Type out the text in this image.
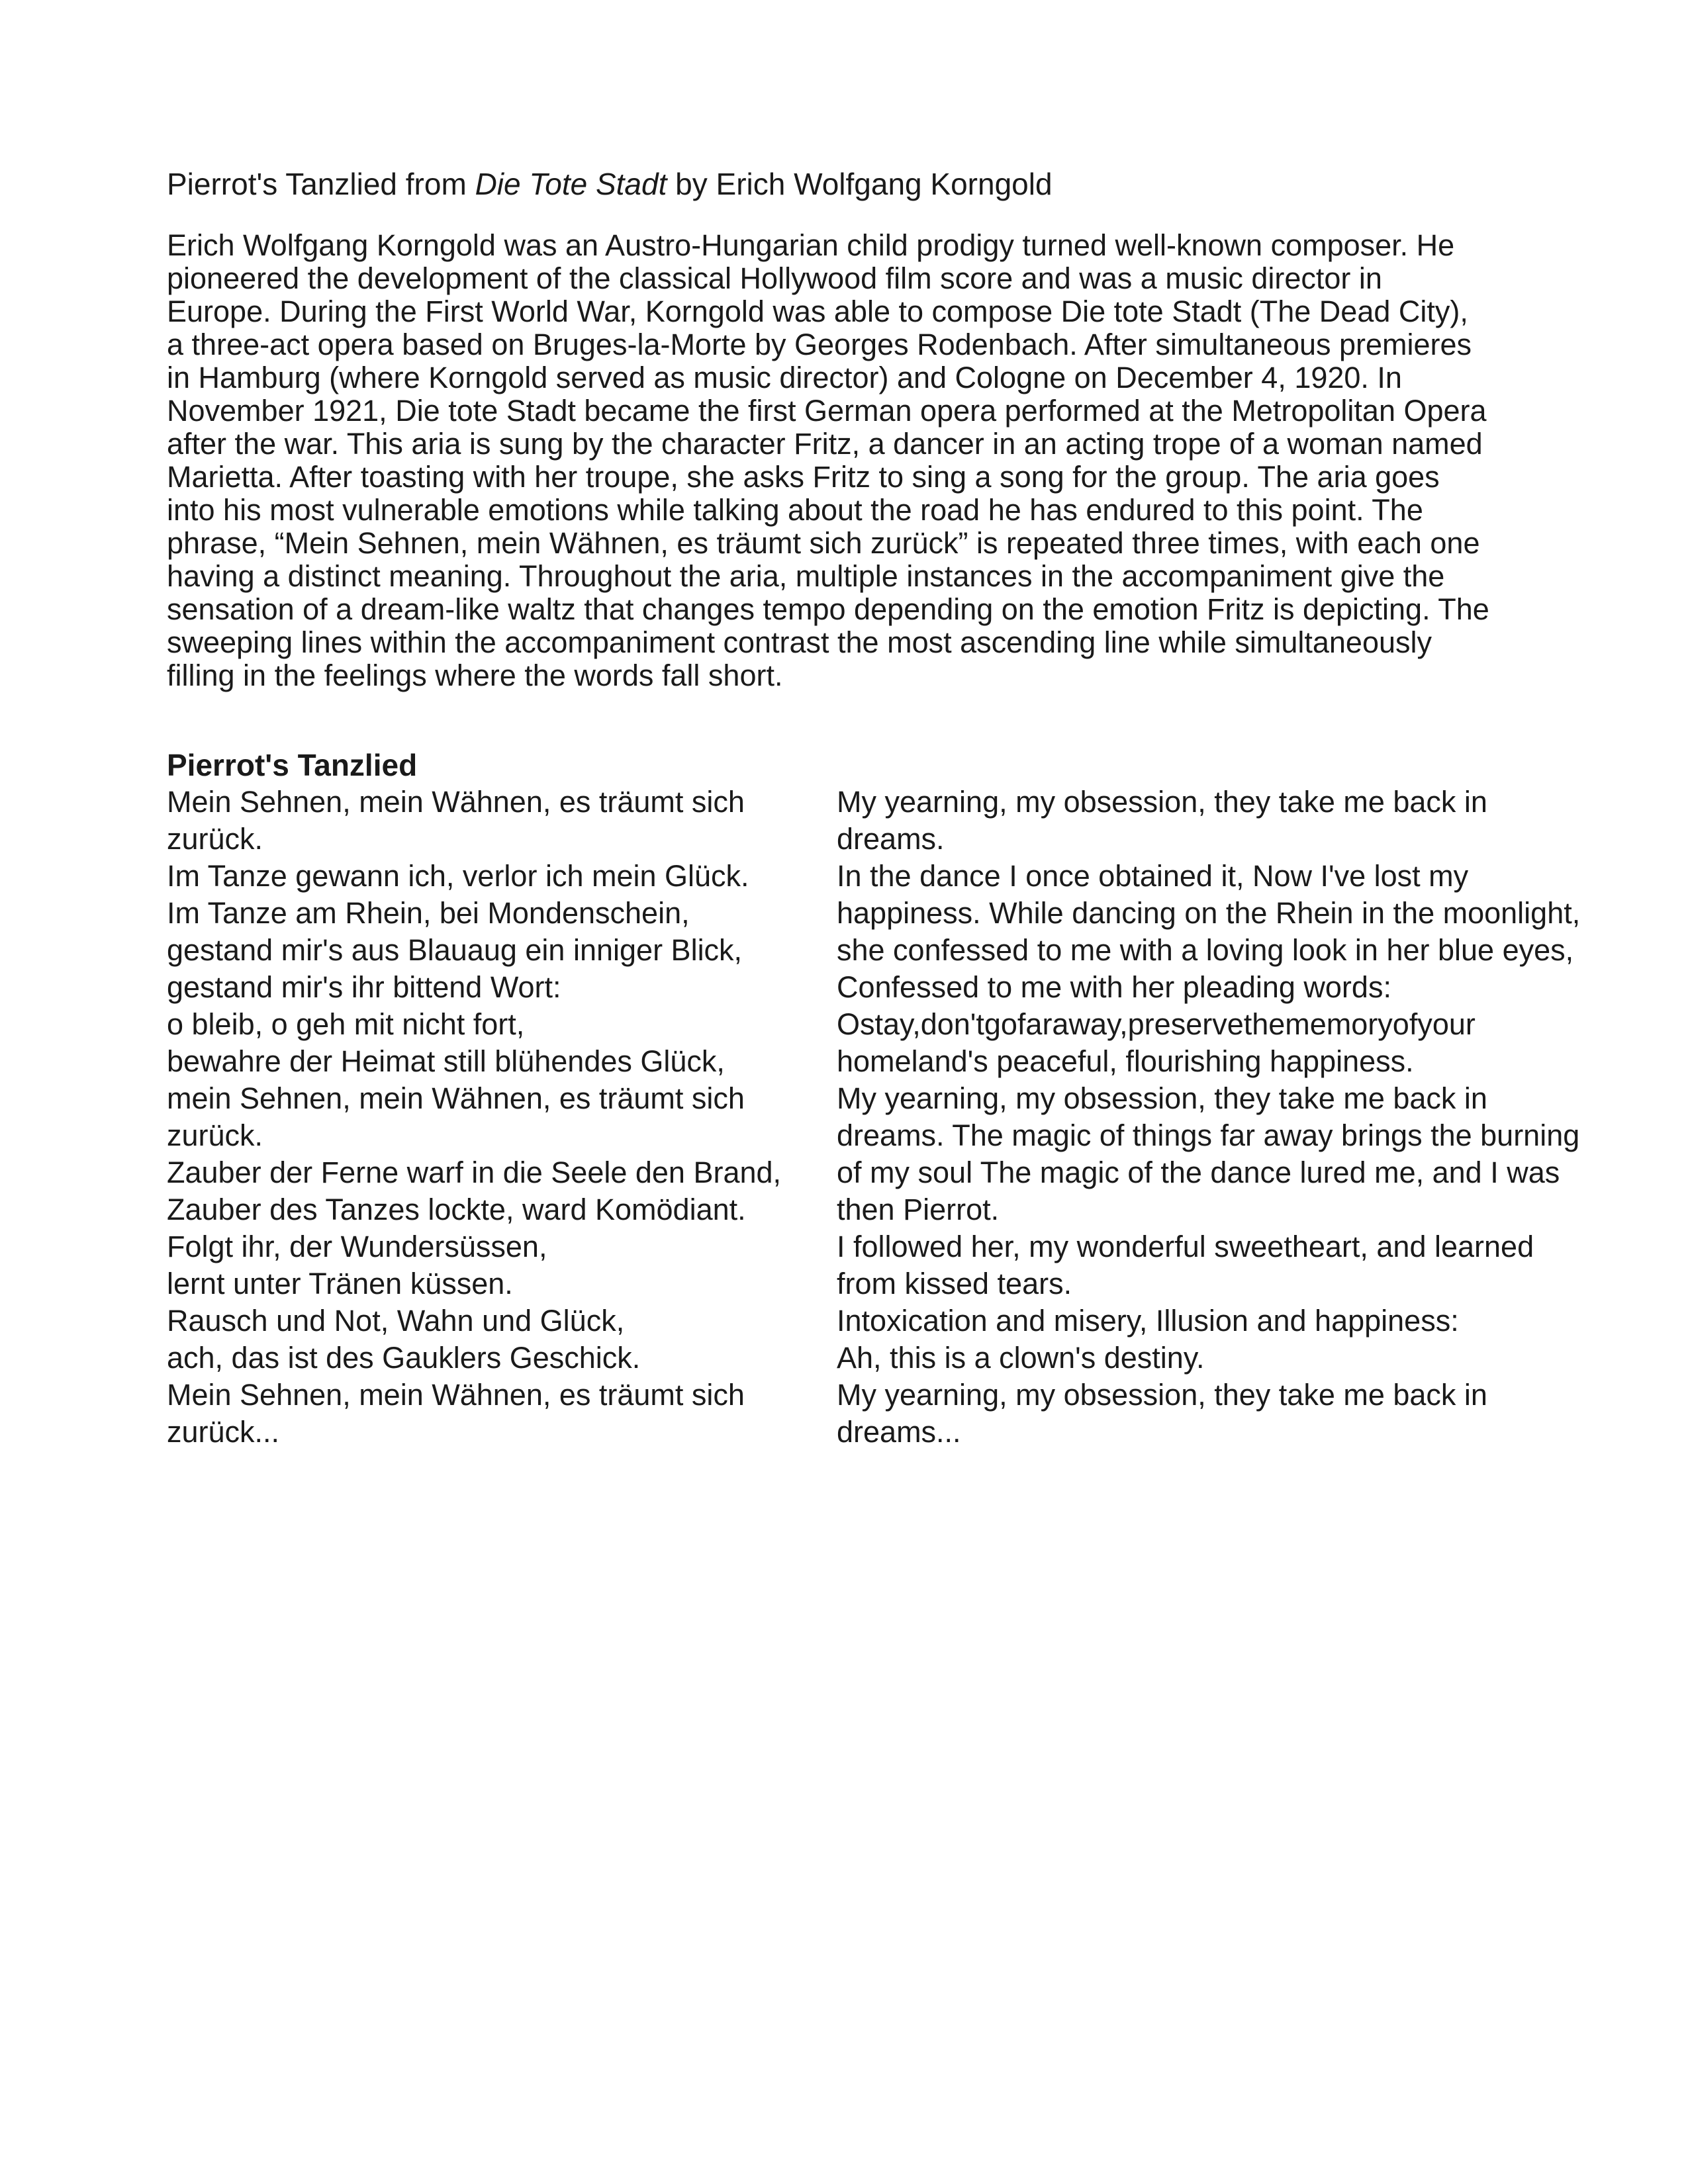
Pierrot's Tanzlied from Die Tote Stadt by Erich Wolfgang Korngold

Erich Wolfgang Korngold was an Austro-Hungarian child prodigy turned well-known composer. He pioneered the development of the classical Hollywood film score and was a music director in Europe. During the First World War, Korngold was able to compose Die tote Stadt (The Dead City), a three-act opera based on Bruges-la-Morte by Georges Rodenbach. After simultaneous premieres in Hamburg (where Korngold served as music director) and Cologne on December 4, 1920. In November 1921, Die tote Stadt became the first German opera performed at the Metropolitan Opera after the war. This aria is sung by the character Fritz, a dancer in an acting trope of a woman named Marietta. After toasting with her troupe, she asks Fritz to sing a song for the group. The aria goes into his most vulnerable emotions while talking about the road he has endured to this point. The phrase, “Mein Sehnen, mein Wähnen, es träumt sich zurück” is repeated three times, with each one having a distinct meaning. Throughout the aria, multiple instances in the accompaniment give the sensation of a dream-like waltz that changes tempo depending on the emotion Fritz is depicting. The sweeping lines within the accompaniment contrast the most ascending line while simultaneously filling in the feelings where the words fall short.

Pierrot's Tanzlied
Mein Sehnen, mein Wähnen, es träumt sich zurück.
Im Tanze gewann ich, verlor ich mein Glück.
Im Tanze am Rhein, bei Mondenschein,
gestand mir's aus Blauaug ein inniger Blick,
gestand mir's ihr bittend Wort:
o bleib, o geh mit nicht fort,
bewahre der Heimat still blühendes Glück,
mein Sehnen, mein Wähnen, es träumt sich zurück.
Zauber der Ferne warf in die Seele den Brand,
Zauber des Tanzes lockte, ward Komödiant.
Folgt ihr, der Wundersüssen,
lernt unter Tränen küssen.
Rausch und Not, Wahn und Glück,
ach, das ist des Gauklers Geschick.
Mein Sehnen, mein Wähnen, es träumt sich zurück...
My yearning, my obsession, they take me back in dreams.
In the dance I once obtained it, Now I've lost my happiness. While dancing on the Rhein in the moonlight, she confessed to me with a loving look in her blue eyes,
Confessed to me with her pleading words:
Ostay,don'tgofaraway,preservethememoryofyour homeland's peaceful, flourishing happiness.
My yearning, my obsession, they take me back in dreams. The magic of things far away brings the burning of my soul The magic of the dance lured me, and I was then Pierrot.
I followed her, my wonderful sweetheart, and learned from kissed tears.
Intoxication and misery, Illusion and happiness:
Ah, this is a clown's destiny.
My yearning, my obsession, they take me back in dreams...
